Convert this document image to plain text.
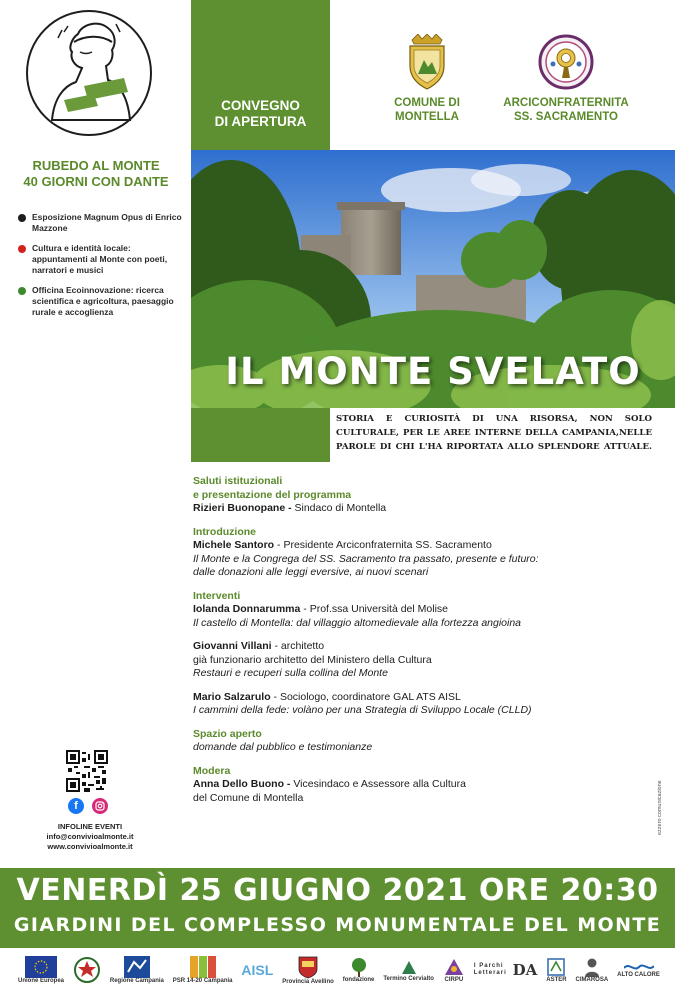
RUBEDO AL MONTE
40 GIORNI CON DANTE
Esposizione Magnum Opus di Enrico Mazzone
Cultura e identità locale: appuntamenti al Monte con poeti, narratori e musici
Officina Ecoinnovazione: ricerca scientifica e agricoltura, paesaggio rurale e accoglienza
f
INFOLINE EVENTI
info@convivioalmonte.it
www.convivioalmonte.it
CONVEGNO
DI APERTURA
COMUNE DI
MONTELLA
ARCICONFRATERNITA
SS. SACRAMENTO
IL MONTE SVELATO
STORIA E CURIOSITÀ DI UNA RISORSA, NON SOLO CULTURALE, PER LE AREE INTERNE DELLA CAMPANIA,NELLE PAROLE DI CHI L'HA RIPORTATA ALLO SPLENDORE ATTUALE.
Saluti istituzionali
e presentazione del programma
Rizieri Buonopane - Sindaco di Montella
Introduzione
Michele Santoro - Presidente Arciconfraternita SS. Sacramento
Il Monte e la Congrega del SS. Sacramento tra passato, presente e futuro:
dalle donazioni alle leggi eversive, ai nuovi scenari
Interventi
Iolanda Donnarumma - Prof.ssa Università del Molise
Il castello di Montella: dal villaggio altomedievale alla fortezza angioina
Giovanni Villani - architetto
già funzionario architetto del Ministero della Cultura
Restauri e recuperi sulla collina del Monte
Mario Salzarulo - Sociologo, coordinatore GAL ATS AISL
I cammini della fede: volàno per una Strategia di Sviluppo Locale (CLLD)
Spazio aperto
domande dal pubblico e testimonianze
Modera
Anna Dello Buono - Vicesindaco e Assessore alla Cultura
del Comune di Montella	ezzero comunicazione
VENERDÌ 25 GIUGNO 2021 ORE 20:30
GIARDINI DEL COMPLESSO MONUMENTALE DEL MONTE
Unione Europea	Regione Campania PSR 14-20 Campania
AISL
Provincia Avellino fondazione Termino Cervialto CIRPU
I Parchi Letterari DA
ASTER CIMAROSA
ALTO CALORE
